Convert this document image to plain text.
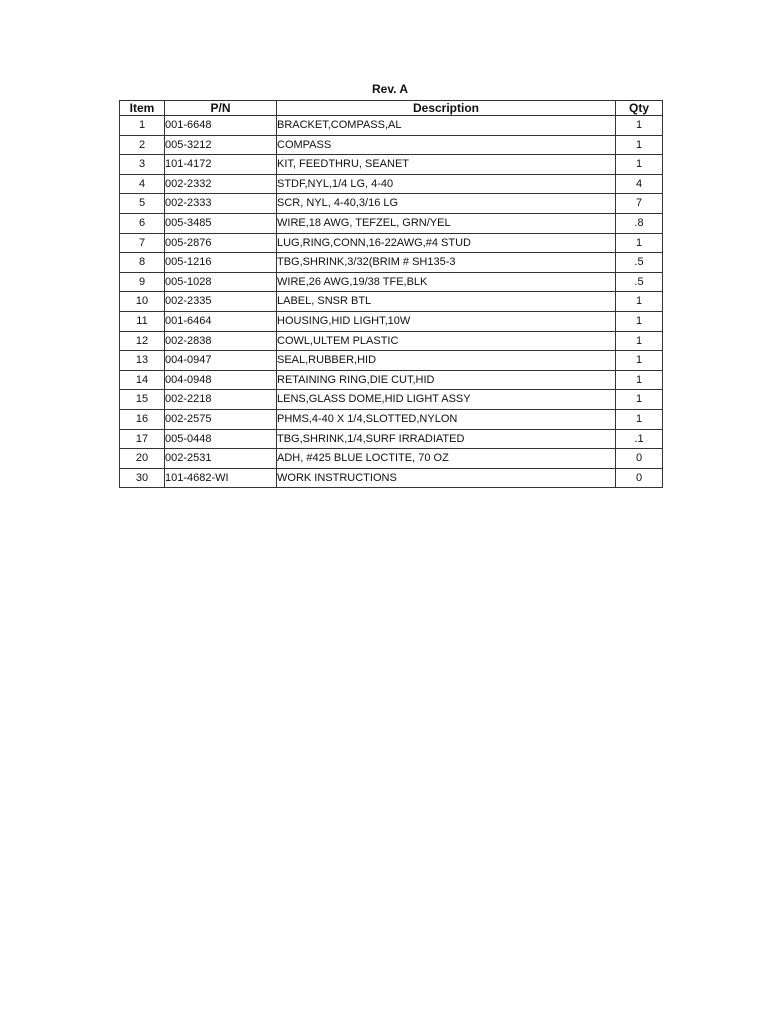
Rev. A
Item	P/N	Description	Qty
1	001-6648	BRACKET,COMPASS,AL	1
2	005-3212	COMPASS	1
3	101-4172	KIT, FEEDTHRU, SEANET	1
4	002-2332	STDF,NYL,1/4 LG, 4-40	4
5	002-2333	SCR, NYL, 4-40,3/16 LG	7
6	005-3485	WIRE,18 AWG, TEFZEL, GRN/YEL	.8
7	005-2876	LUG,RING,CONN,16-22AWG,#4 STUD	1
8	005-1216	TBG,SHRINK,3/32(BRIM # SH135-3	.5
9	005-1028	WIRE,26 AWG,19/38 TFE,BLK	.5
10	002-2335	LABEL, SNSR BTL	1
11	001-6464	HOUSING,HID LIGHT,10W	1
12	002-2838	COWL,ULTEM PLASTIC	1
13	004-0947	SEAL,RUBBER,HID	1
14	004-0948	RETAINING RING,DIE CUT,HID	1
15	002-2218	LENS,GLASS DOME,HID LIGHT ASSY	1
16	002-2575	PHMS,4-40 X 1/4,SLOTTED,NYLON	1
17	005-0448	TBG,SHRINK,1/4,SURF IRRADIATED	.1
20	002-2531	ADH, #425 BLUE LOCTITE, 70 OZ	0
30	101-4682-WI	WORK INSTRUCTIONS	0
